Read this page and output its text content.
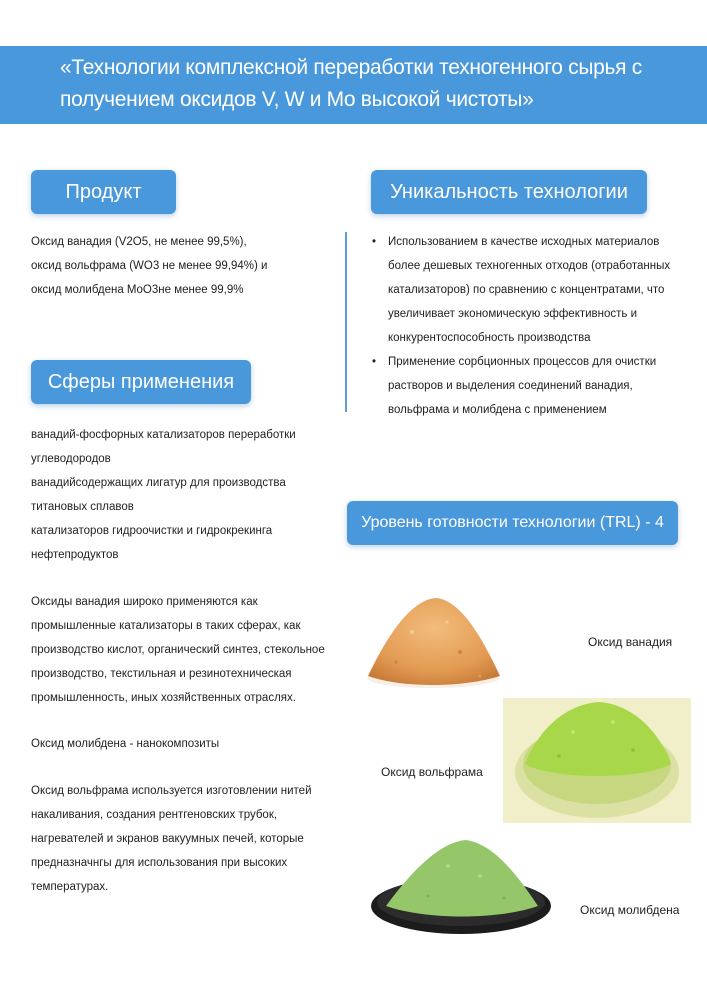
«Технологии комплексной переработки техногенного сырья с
получением оксидов V, W и Mo высокой чистоты»
Продукт
Оксид ванадия (V2O5, не менее 99,5%),
оксид вольфрама (WO3 не менее 99,94%) и
оксид молибдена MoO3не менее 99,9%
Уникальность технологии
• Использованием в качестве исходных материалов
более дешевых техногенных отходов (отработанных
катализаторов) по сравнению с концентратами, что
увеличивает экономическую эффективность и
конкурентоспособность производства
• Применение сорбционных процессов для очистки
растворов и выделения соединений ванадия,
вольфрама и молибдена с применением
Сферы применения
ванадий-фосфорных катализаторов переработки
углеводородов
ванадийсодержащих лигатур для производства
титановых сплавов
катализаторов гидроочистки и гидрокрекинга
нефтепродуктов
Оксиды ванадия широко применяются как
промышленные катализаторы в таких сферах, как
производство кислот, органический синтез, стекольное
производство, текстильная и резинотехническая
промышленность, иных хозяйственных отраслях.
Оксид молибдена - нанокомпозиты
Оксид вольфрама используется изготовлении нитей
накаливания, создания рентгеновских трубок,
нагревателей и экранов вакуумных печей, которые
предназначнгы для использования при высоких
температурах.
Уровень готовности технологии (TRL) - 4
Оксид ванадия
Оксид вольфрама
Оксид молибдена
